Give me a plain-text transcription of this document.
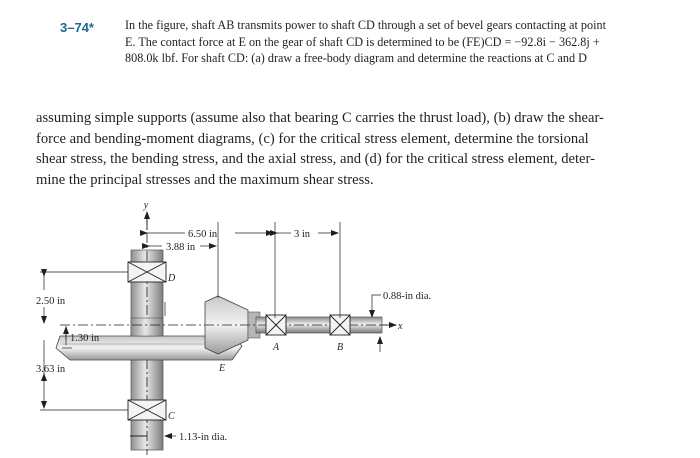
3–74*	In the figure, shaft AB transmits power to shaft CD through a set of bevel gears contacting at point
E. The contact force at E on the gear of shaft CD is determined to be (FΕ)CD = −92.8i − 362.8j +
808.0k lbf. For shaft CD: (a) draw a free-body diagram and determine the reactions at C and D
assuming simple supports (assume also that bearing C carries the thrust load), (b) draw the shear-
force and bending-moment diagrams, (c) for the critical stress element, determine the torsional
shear stress, the bending stress, and the axial stress, and (d) for the critical stress element, deter-
mine the principal stresses and the maximum shear stress.
6.50 in
3.88 in
3 in
2.50 in
1.30 in
3.63 in
0.88-in dia.
1.13-in dia.
y
x
D
C
A	B
E
